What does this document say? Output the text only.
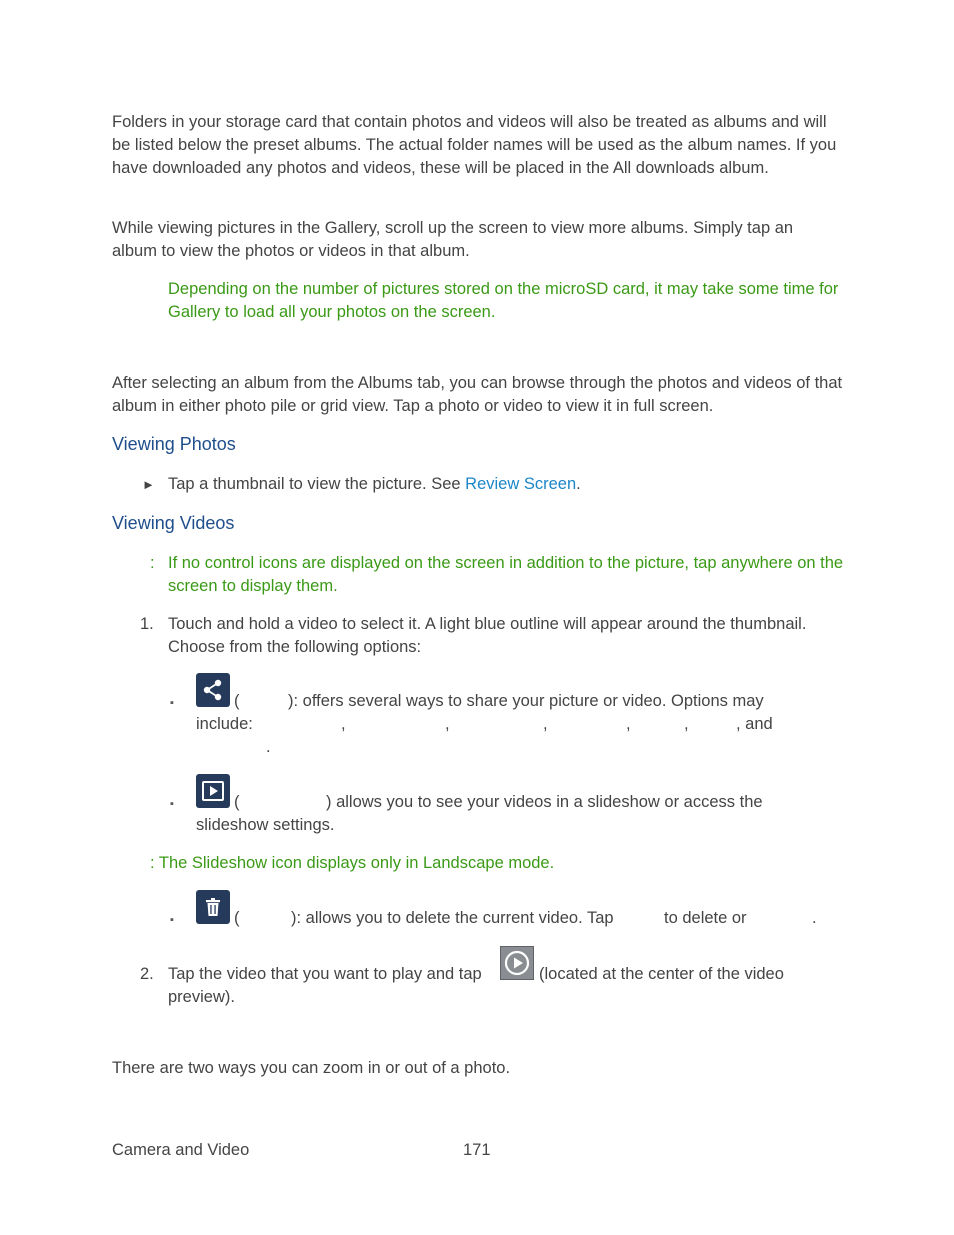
Folders in your storage card that contain photos and videos will also be treated as albums and will be listed below the preset albums. The actual folder names will be used as the album names. If you have downloaded any photos and videos, these will be placed in the All downloads album.
While viewing pictures in the Gallery, scroll up the screen to view more albums. Simply tap an album to view the photos or videos in that album.
Depending on the number of pictures stored on the microSD card, it may take some time for Gallery to load all your photos on the screen.
After selecting an album from the Albums tab, you can browse through the photos and videos of that album in either photo pile or grid view. Tap a photo or video to view it in full screen.
Viewing Photos
► Tap a thumbnail to view the picture. See Review Screen.
Viewing Videos
: If no control icons are displayed on the screen in addition to the picture, tap anywhere on the screen to display them.
1. Touch and hold a video to select it. A light blue outline will appear around the thumbnail. Choose from the following options:
▪	(	): offers several ways to share your picture or video. Options may
include:	,	,	,	,	,	, and
.
▪	(	) allows you to see your videos in a slideshow or access the
slideshow settings.
: The Slideshow icon displays only in Landscape mode.
▪	(	): allows you to delete the current video. Tap	to delete or	.
2. Tap the video that you want to play and tap	(located at the center of the video
preview).
There are two ways you can zoom in or out of a photo.
Camera and Video	171
